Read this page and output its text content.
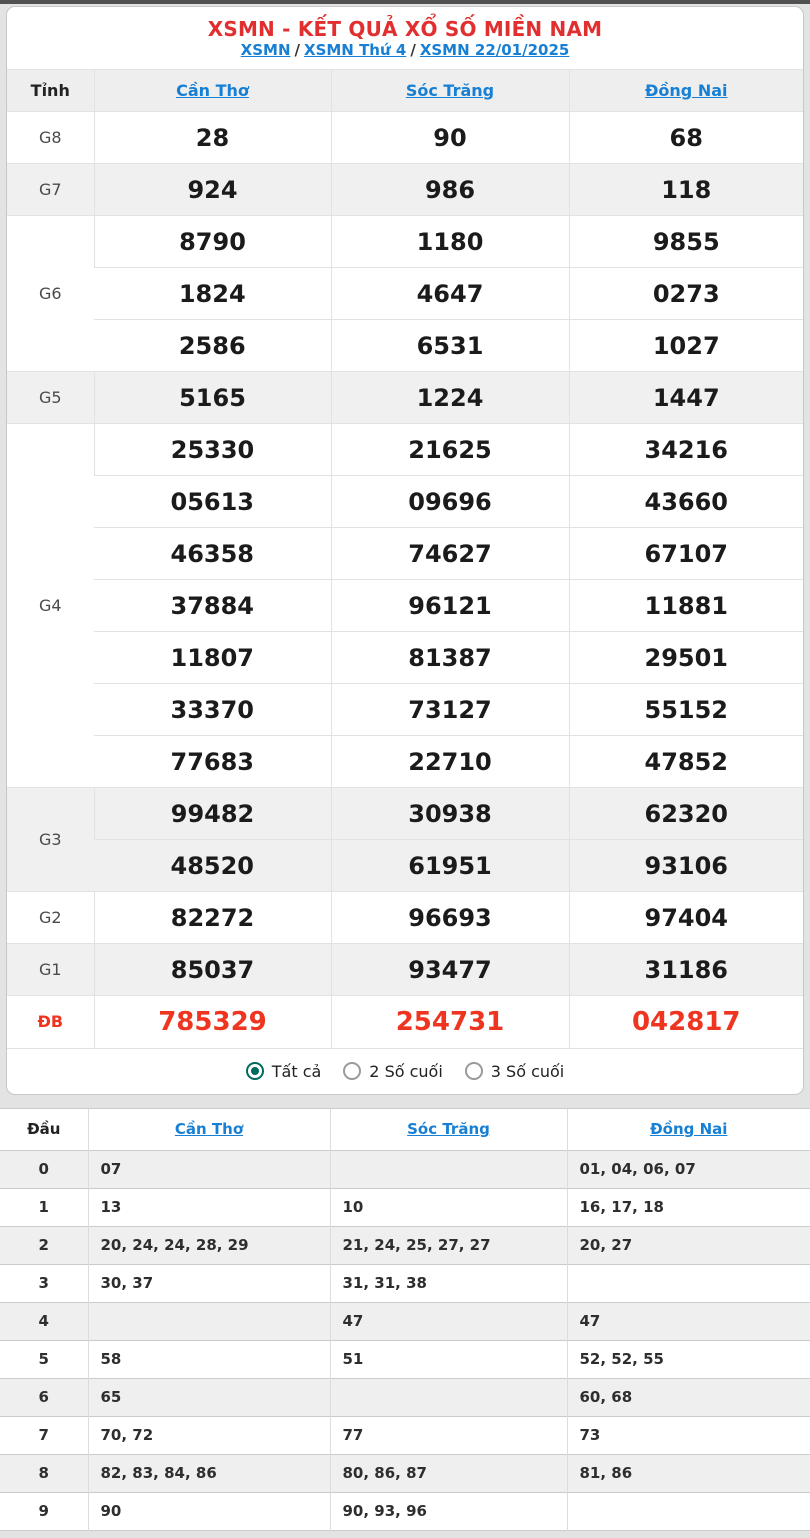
XSMN - KẾT QUẢ XỔ SỐ MIỀN NAM
XSMN / XSMN Thứ 4 / XSMN 22/01/2025
Tỉnh	Cần Thơ	Sóc Trăng	Đồng Nai
G8	28	90	68
G7	924	986	118
G6	8790	1180	9855
	1824	4647	0273
	2586	6531	1027
G5	5165	1224	1447
G4	25330	21625	34216
	05613	09696	43660
	46358	74627	67107
	37884	96121	11881
	11807	81387	29501
	33370	73127	55152
	77683	22710	47852
G3	99482	30938	62320
	48520	61951	93106
G2	82272	96693	97404
G1	85037	93477	31186
ĐB	785329	254731	042817
Tất cả	2 Số cuối	3 Số cuối
Đầu	Cần Thơ	Sóc Trăng	Đồng Nai
0	07		01, 04, 06, 07
1	13	10	16, 17, 18
2	20, 24, 24, 28, 29	21, 24, 25, 27, 27	20, 27
3	30, 37	31, 31, 38	
4		47	47
5	58	51	52, 52, 55
6	65		60, 68
7	70, 72	77	73
8	82, 83, 84, 86	80, 86, 87	81, 86
9	90	90, 93, 96	
